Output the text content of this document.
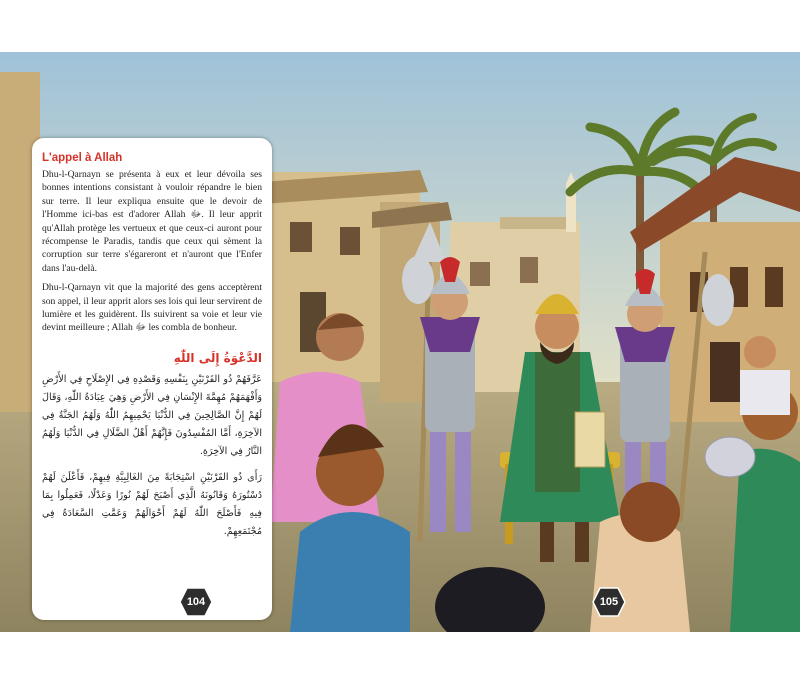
L'appel à Allah

Dhu-l-Qarnayn se présenta à eux et leur dévoila ses bonnes intentions consistant à vouloir répandre le bien sur terre. Il leur expliqua ensuite que le devoir de l'Homme ici-bas est d'adorer Allah ﷻ. Il leur apprit qu'Allah protège les vertueux et que ceux-ci auront pour récompense le Paradis, tandis que ceux qui sèment la corruption sur terre s'égareront et n'auront que l'Enfer dans l'au-delà.

Dhu-l-Qarnayn vit que la majorité des gens acceptèrent son appel, il leur apprit alors ses lois qui leur servirent de lumière et les guidèrent. Ils suivirent sa voie et leur vie devint meilleure ; Allah ﷻ les combla de bonheur.

الدَّعْوَةُ إِلَى اللّٰهِ

عَرَّفَهُمْ ذُو القَرْنَيْنِ بِنَفْسِهِ وَقَصْدِهِ فِي الإِصْلَاحِ فِي الأَرْضِ وَأَفْهَمَهُمْ مُهِمَّةَ الإِنْسَانِ فِي الأَرْضِ وَهِيَ عِبَادَةُ اللّٰهِ، وَقَالَ لَهُمْ إِنَّ الصَّالِحِينَ فِي الدُّنْيَا يَحْمِيهِمُ اللّٰهُ وَلَهُمُ الجَنَّةُ فِي الآخِرَةِ، أَمَّا المُفْسِدُونَ فَإِنَّهُمْ أَهْلُ الضَّلَالِ فِي الدُّنْيَا وَلَهُمُ النَّارُ فِي الآخِرَةِ.

رَأَى ذُو القَرْنَيْنِ اسْتِجَابَةً مِنَ الغَالِبِيَّةِ فِيهِمْ، فَأَعْلَنَ لَهُمْ دُسْتُورَهُ وَقَانُونَهُ الَّذِي أَصْبَحَ لَهُمْ نُورًا وَعَدْلًا، فَعَمِلُوا بِمَا فِيهِ فَأَصْلَحَ اللّٰهُ لَهُمْ أَحْوَالَهُمْ وَعَمَّتِ السَّعَادَةُ فِي مُجْتَمَعِهِمْ.

104	105
